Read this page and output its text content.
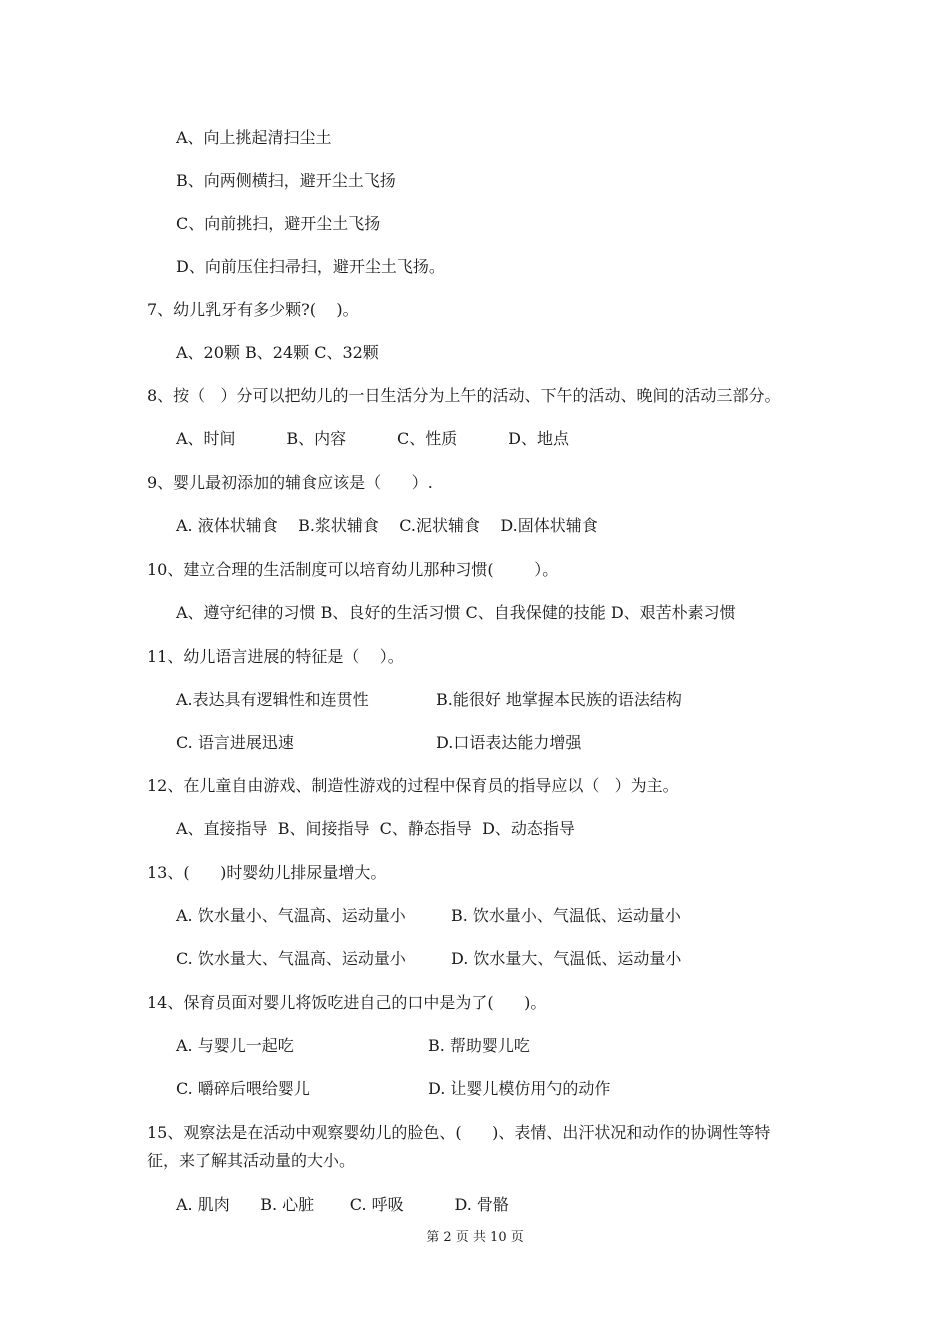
A、向上挑起清扫尘土
B、向两侧横扫，避开尘土飞扬
C、向前挑扫，避开尘土飞扬
D、向前压住扫帚扫，避开尘土飞扬。
7、幼儿乳牙有多少颗?(    )。
A、20颗 B、24颗 C、32颗
8、按（   ）分可以把幼儿的一日生活分为上午的活动、下午的活动、晚间的活动三部分。
A、时间          B、内容          C、性质          D、地点
9、婴儿最初添加的辅食应该是（      ）.
A. 液体状辅食    B.浆状辅食    C.泥状辅食    D.固体状辅食
10、建立合理的生活制度可以培育幼儿那种习惯(        ）。
A、遵守纪律的习惯 B、良好的生活习惯 C、自我保健的技能 D、艰苦朴素习惯
11、幼儿语言进展的特征是（    ）。
A.表达具有逻辑性和连贯性	B.能很好 地掌握本民族的语法结构
C. 语言进展迅速	D.口语表达能力增强
12、在儿童自由游戏、制造性游戏的过程中保育员的指导应以（   ）为主。
A、直接指导  B、间接指导  C、静态指导  D、动态指导
13、(      )时婴幼儿排尿量增大。
A. 饮水量小、气温高、运动量小	B. 饮水量小、气温低、运动量小
C. 饮水量大、气温高、运动量小	D. 饮水量大、气温低、运动量小
14、保育员面对婴儿将饭吃进自己的口中是为了(      )。
A. 与婴儿一起吃	B. 帮助婴儿吃
C. 嚼碎后喂给婴儿	D. 让婴儿模仿用勺的动作
15、观察法是在活动中观察婴幼儿的脸色、(      )、表情、出汗状况和动作的协调性等特
征，来了解其活动量的大小。
A. 肌肉      B. 心脏       C. 呼吸          D. 骨骼
第 2 页 共 10 页
